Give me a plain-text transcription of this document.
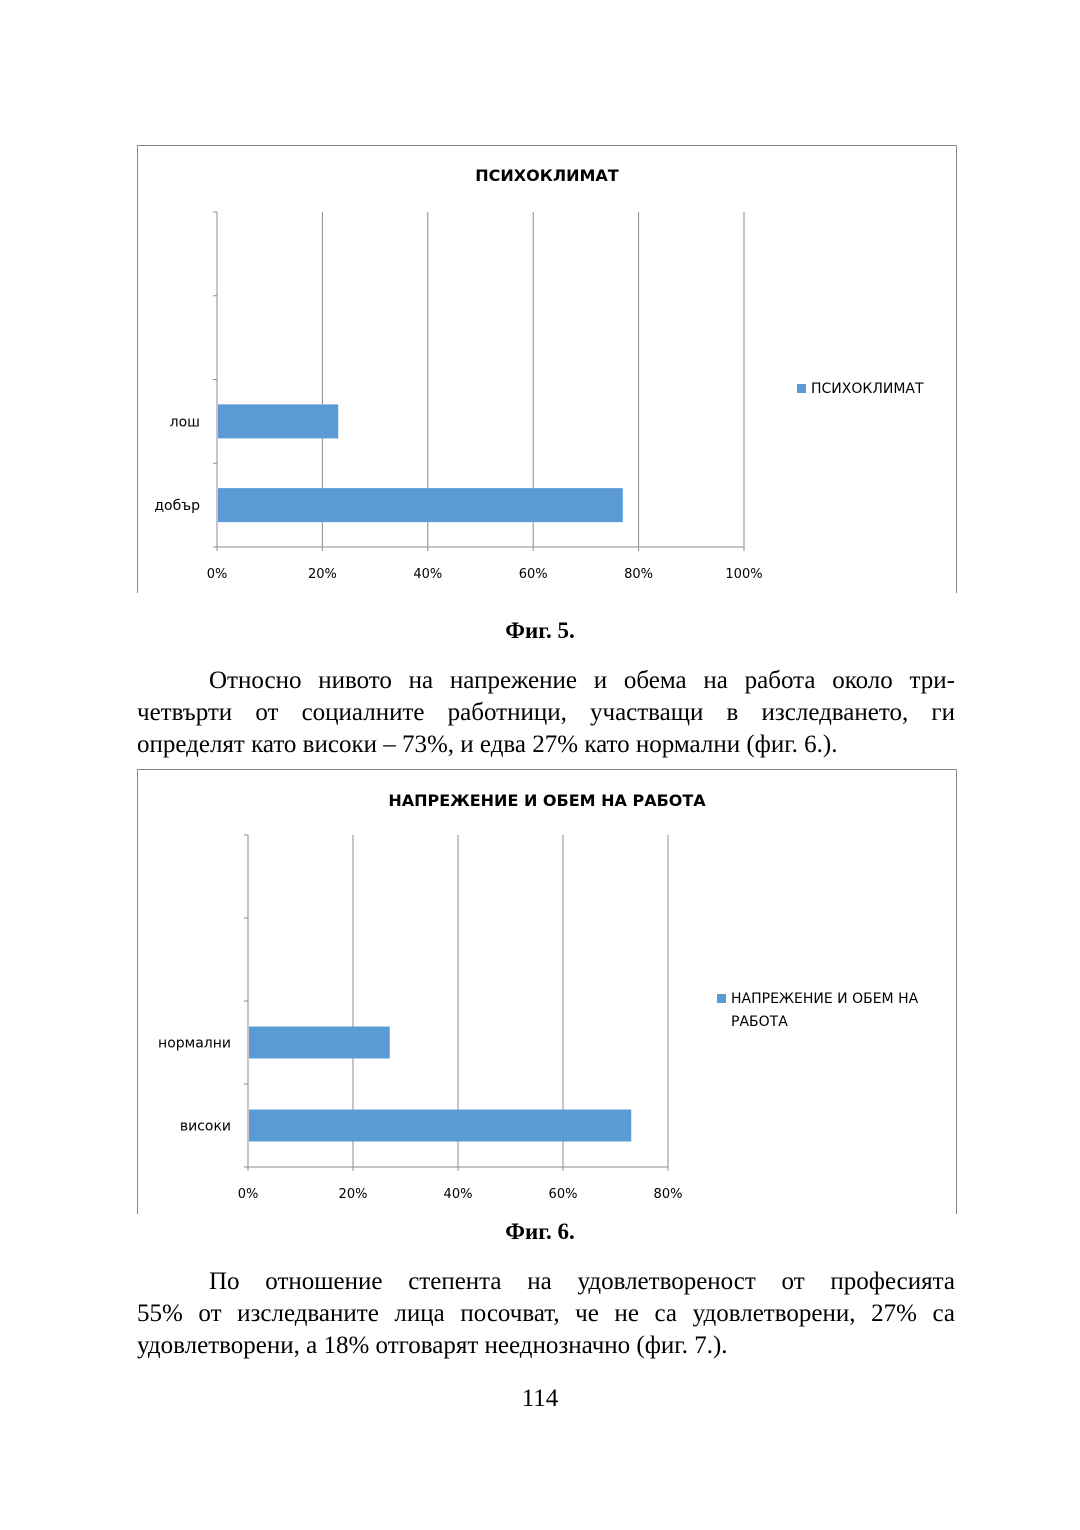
ПСИХОКЛИМАТ
0%	20%	40%	60%	80%	100%
добър
лош
ПСИХОКЛИМАТ
Фиг. 5.
Относно нивото на напрежение и обема на работа около три-
четвърти от социалните работници, участващи в изследването, ги
определят като високи – 73%, и едва 27% като нормални (фиг. 6.).
НАПРЕЖЕНИЕ И ОБЕМ НА РАБОТА
0%	20%	40%	60%	80%
високи
нормални
НАПРЕЖЕНИЕ И ОБЕМ НА
РАБОТА
Фиг. 6.
По отношение степента на удовлетвореност от професията
55% от изследваните лица посочват, че не са удовлетворени, 27% са
удовлетворени, а 18% отговарят нееднозначно (фиг. 7.).
114
